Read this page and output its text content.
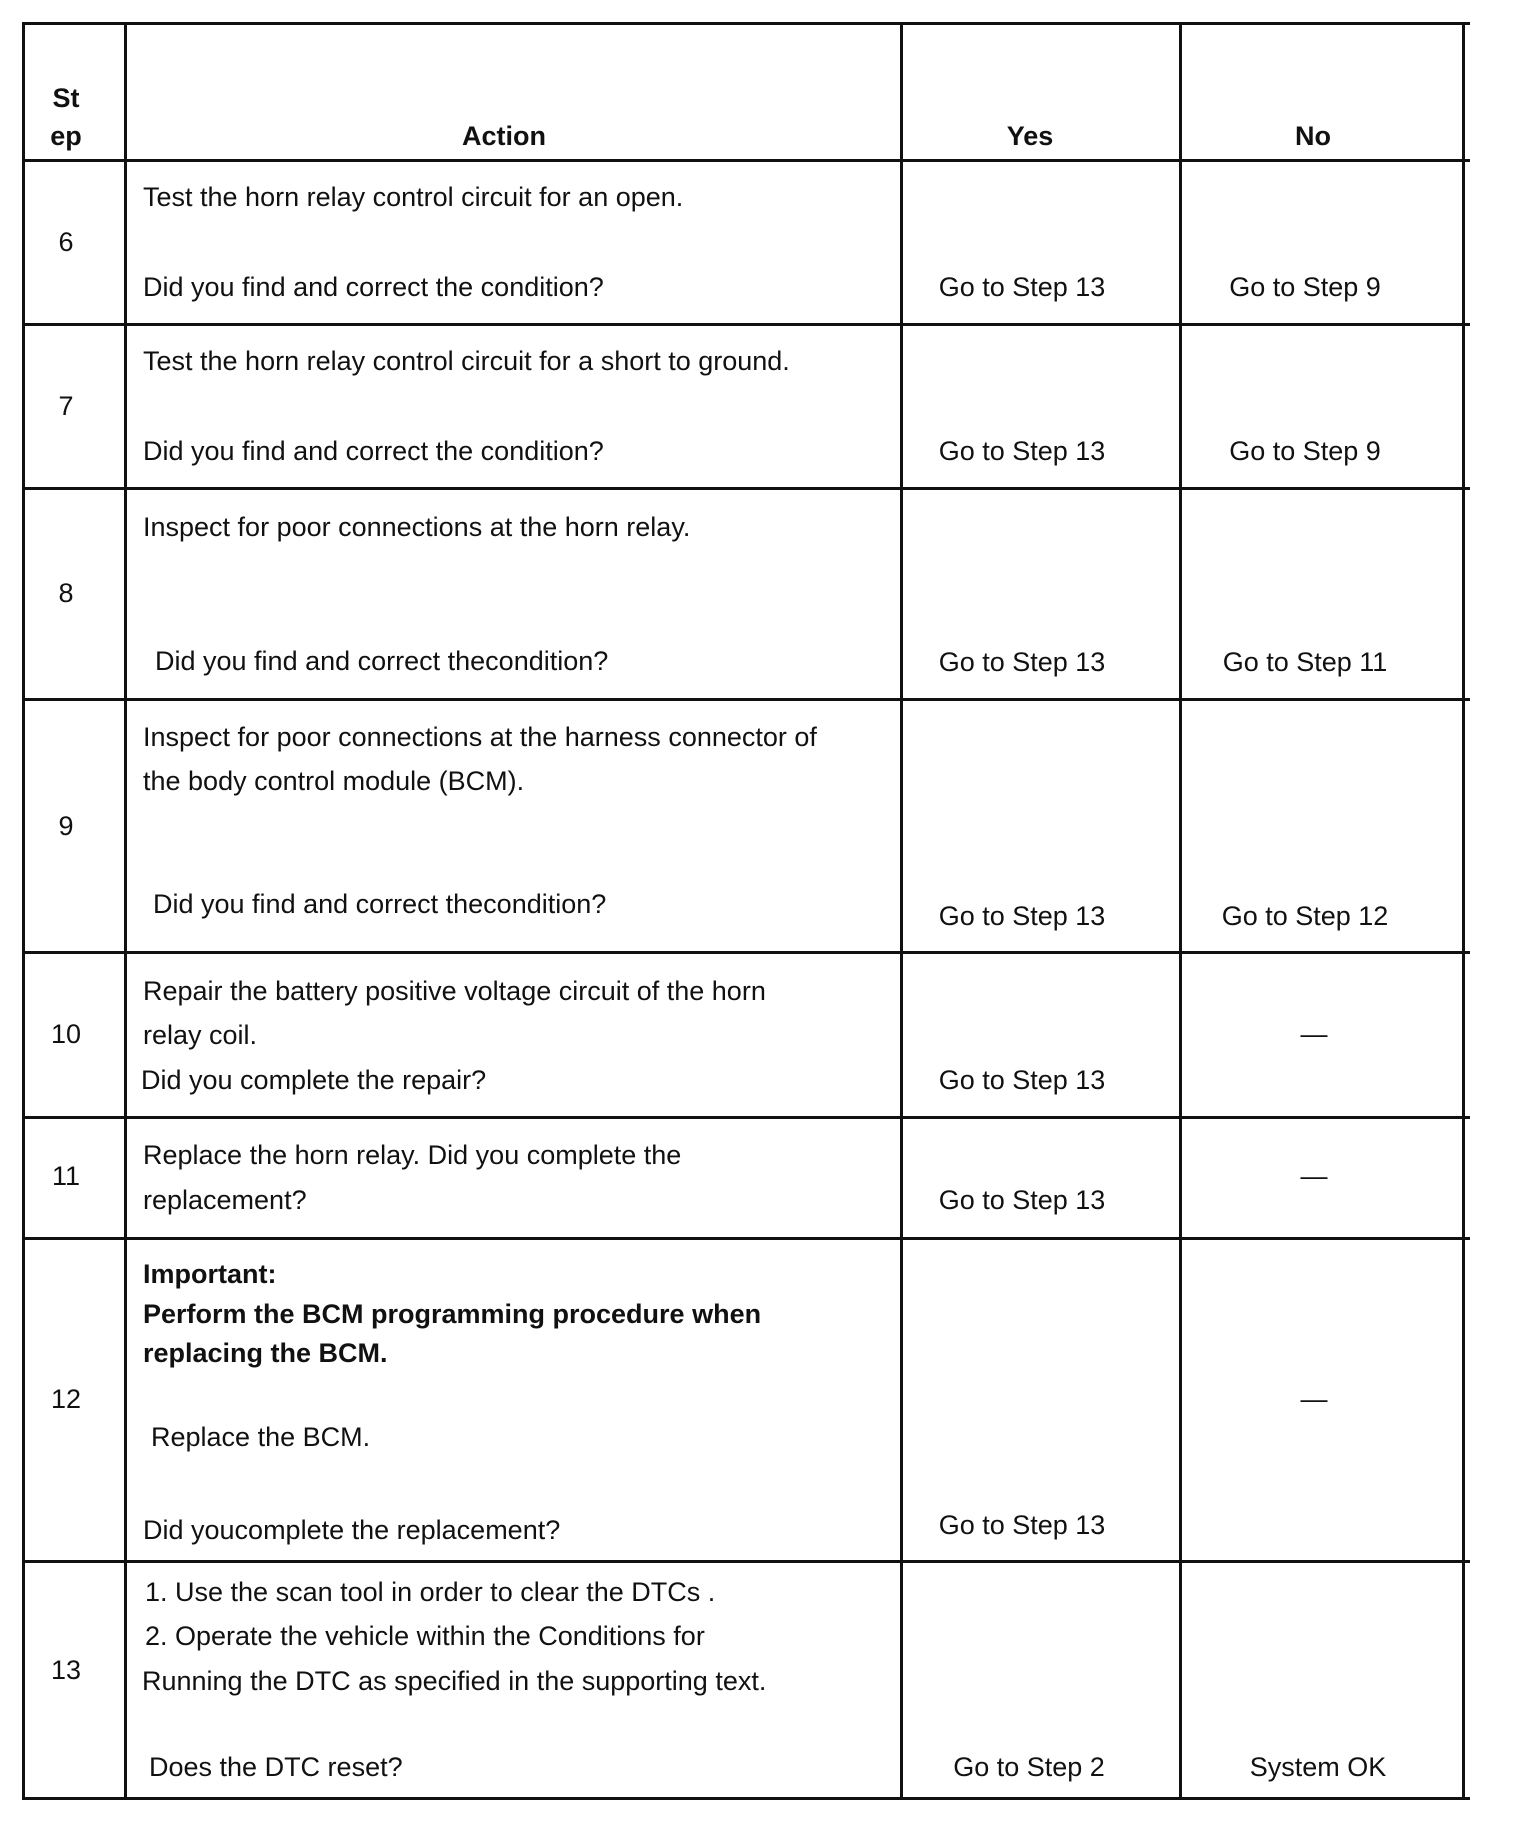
St
ep	Action	Yes	No
6
Test the horn relay control circuit for an open.
Did you find and correct the condition?	Go to Step 13	Go to Step 9
7
Test the horn relay control circuit for a short to ground.
Did you find and correct the condition?	Go to Step 13	Go to Step 9
8
Inspect for poor connections at the horn relay.
Did you find and correct the​condition?	Go to Step 13	Go to Step 11
9
Inspect for poor connections at the harness connector of
the body control module (BCM).
Did you find and correct the​condition?	Go to Step 13	Go to Step 12
10
Repair the battery positive voltage circuit of the horn
relay coil.
Did you complete the repair?	Go to Step 13
—
11
Replace the horn relay. Did you complete the
replacement?	Go to Step 13
—
12
Important:
Perform the BCM programming procedure when
replacing the BCM.
Replace the BCM.
Did you​complete the replacement?	Go to Step 13
—
13
1. Use the scan tool in order to clear the DTCs .
2. Operate the vehicle within the Conditions for
Running the DTC as specified in the supporting text.
Does the DTC reset?	Go to Step 2	System OK
